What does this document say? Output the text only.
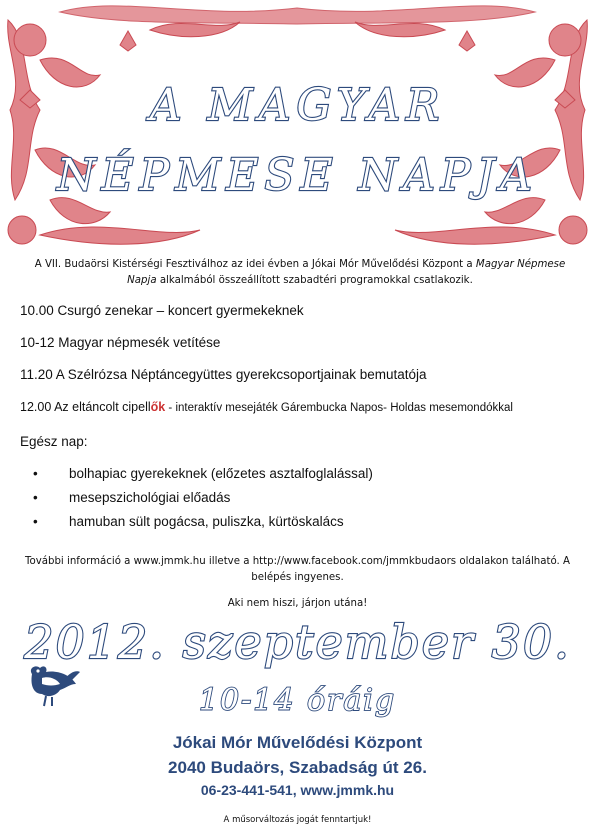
A MAGYAR
NÉPMESE NAPJA
A VII. Budaörsi Kistérségi Fesztiválhoz az idei évben a Jókai Mór Művelődési Központ a Magyar Népmese Napja alkalmából összeállított szabadtéri programokkal csatlakozik.
10.00 Csurgó zenekar – koncert gyermekeknek
10-12 Magyar népmesék vetítése
11.20 A Szélrózsa Néptáncegyüttes gyerekcsoportjainak bemutatója
12.00 Az eltáncolt cipellők - interaktív mesejáték Gárembucka Napos- Holdas mesemondókkal
Egész nap:
• bolhapiac gyerekeknek (előzetes asztalfoglalással)
• mesepszichológiai előadás
• hamuban sült pogácsa, puliszka, kürtöskalács
További információ a www.jmmk.hu illetve a http://www.facebook.com/jmmkbudaors oldalakon található. A belépés ingyenes.
Aki nem hiszi, járjon utána!
2012. szeptember 30.
10-14 óráig
Jókai Mór Művelődési Központ
2040 Budaörs, Szabadság út 26.
06-23-441-541, www.jmmk.hu
A műsorváltozás jogát fenntartjuk!
